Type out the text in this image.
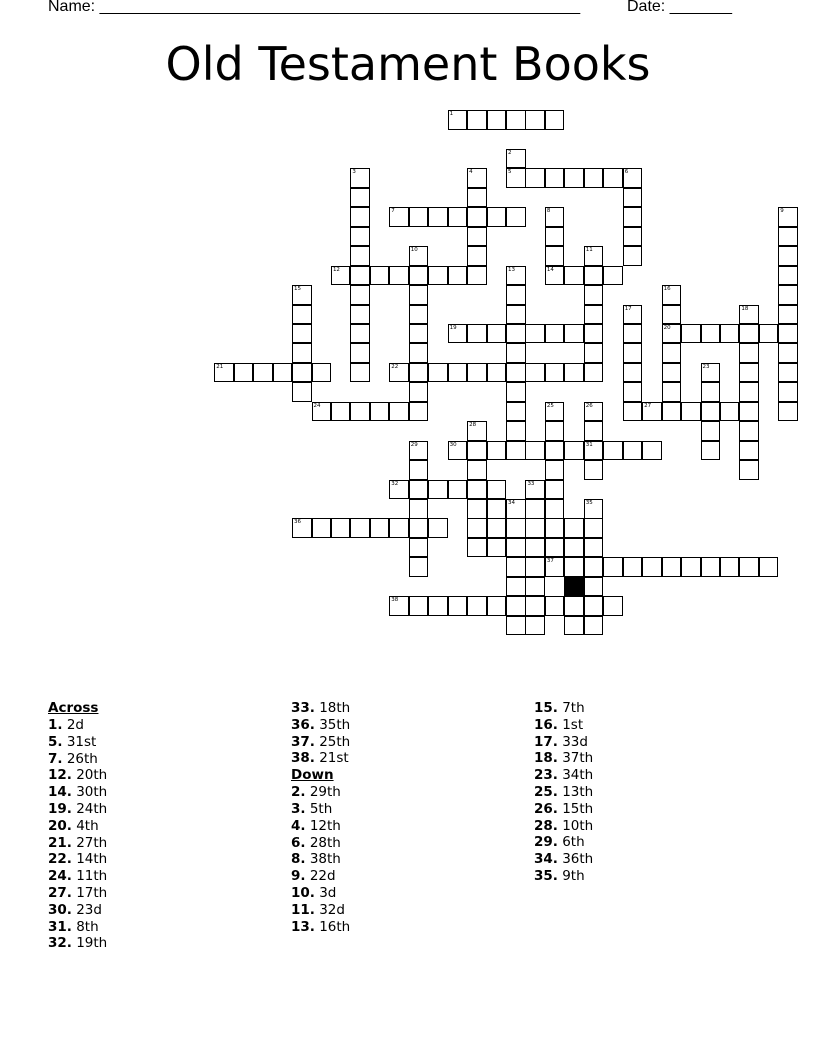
Name: ______________________________________________________	Date: _______
Old Testament Books
1
2
5
3	4	6
7	8
14
9
10	11
12	13
15	16
20
17	18
19
21	22	23
24	25
37
26
31
27
28
29	30
32	33
34	35
36
38
Across
1. 2d
5. 31st
7. 26th
12. 20th
14. 30th
19. 24th
20. 4th
21. 27th
22. 14th
24. 11th
27. 17th
30. 23d
31. 8th
32. 19th
33. 18th
36. 35th
37. 25th
38. 21st
Down
2. 29th
3. 5th
4. 12th
6. 28th
8. 38th
9. 22d
10. 3d
11. 32d
13. 16th
15. 7th
16. 1st
17. 33d
18. 37th
23. 34th
25. 13th
26. 15th
28. 10th
29. 6th
34. 36th
35. 9th
